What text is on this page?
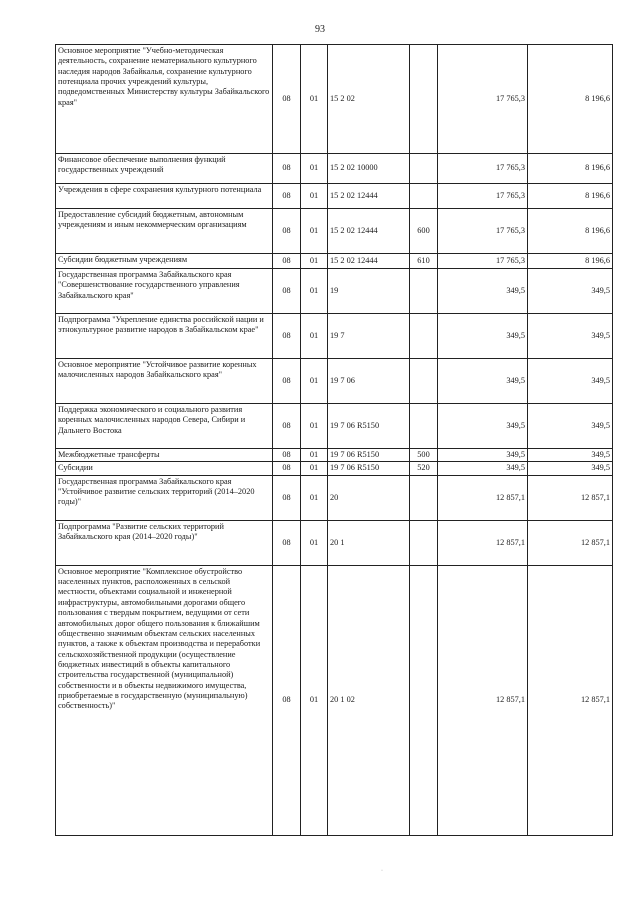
93
Основное мероприятие "Учебно-методическая деятельность, сохранение нематериального культурного наследия народов Забайкалья, сохранение культурного потенциала прочих учреждений культуры, подведомственных Министерству культуры Забайкальского края"	08	01	15 2 02		17 765,3	8 196,6
Финансовое обеспечение выполнения функций государственных учреждений	08	01	15 2 02 10000		17 765,3	8 196,6
Учреждения в сфере сохранения культурного потенциала	08	01	15 2 02 12444		17 765,3	8 196,6
Предоставление субсидий бюджетным, автономным учреждениям и иным некоммерческим организациям	08	01	15 2 02 12444	600	17 765,3	8 196,6
Субсидии бюджетным учреждениям	08	01	15 2 02 12444	610	17 765,3	8 196,6
Государственная программа Забайкальского края "Совершенствование государственного управления Забайкальского края"	08	01	19		349,5	349,5
Подпрограмма "Укрепление единства российской нации и этнокультурное развитие народов в Забайкальском крае"	08	01	19 7		349,5	349,5
Основное мероприятие "Устойчивое развитие коренных малочисленных народов Забайкальского края"	08	01	19 7 06		349,5	349,5
Поддержка экономического и социального развития коренных малочисленных народов Севера, Сибири и Дальнего Востока	08	01	19 7 06 R5150		349,5	349,5
Межбюджетные трансферты	08	01	19 7 06 R5150	500	349,5	349,5
Субсидии	08	01	19 7 06 R5150	520	349,5	349,5
Государственная программа Забайкальского края "Устойчивое развитие сельских территорий (2014–2020 годы)"	08	01	20		12 857,1	12 857,1
Подпрограмма "Развитие сельских территорий Забайкальского края (2014–2020 годы)"	08	01	20 1		12 857,1	12 857,1
Основное мероприятие "Комплексное обустройство населенных пунктов, расположенных в сельской местности, объектами социальной и инженерной инфраструктуры, автомобильными дорогами общего пользования с твердым покрытием, ведущими от сети автомобильных дорог общего пользования к ближайшим общественно значимым объектам сельских населенных пунктов, а также к объектам производства и переработки сельскохозяйственной продукции (осуществление бюджетных инвестиций в объекты капитального строительства государственной (муниципальной) собственности и в объекты недвижимого имущества, приобретаемые в государственную (муниципальную) собственность)"	08	01	20 1 02		12 857,1	12 857,1
·
